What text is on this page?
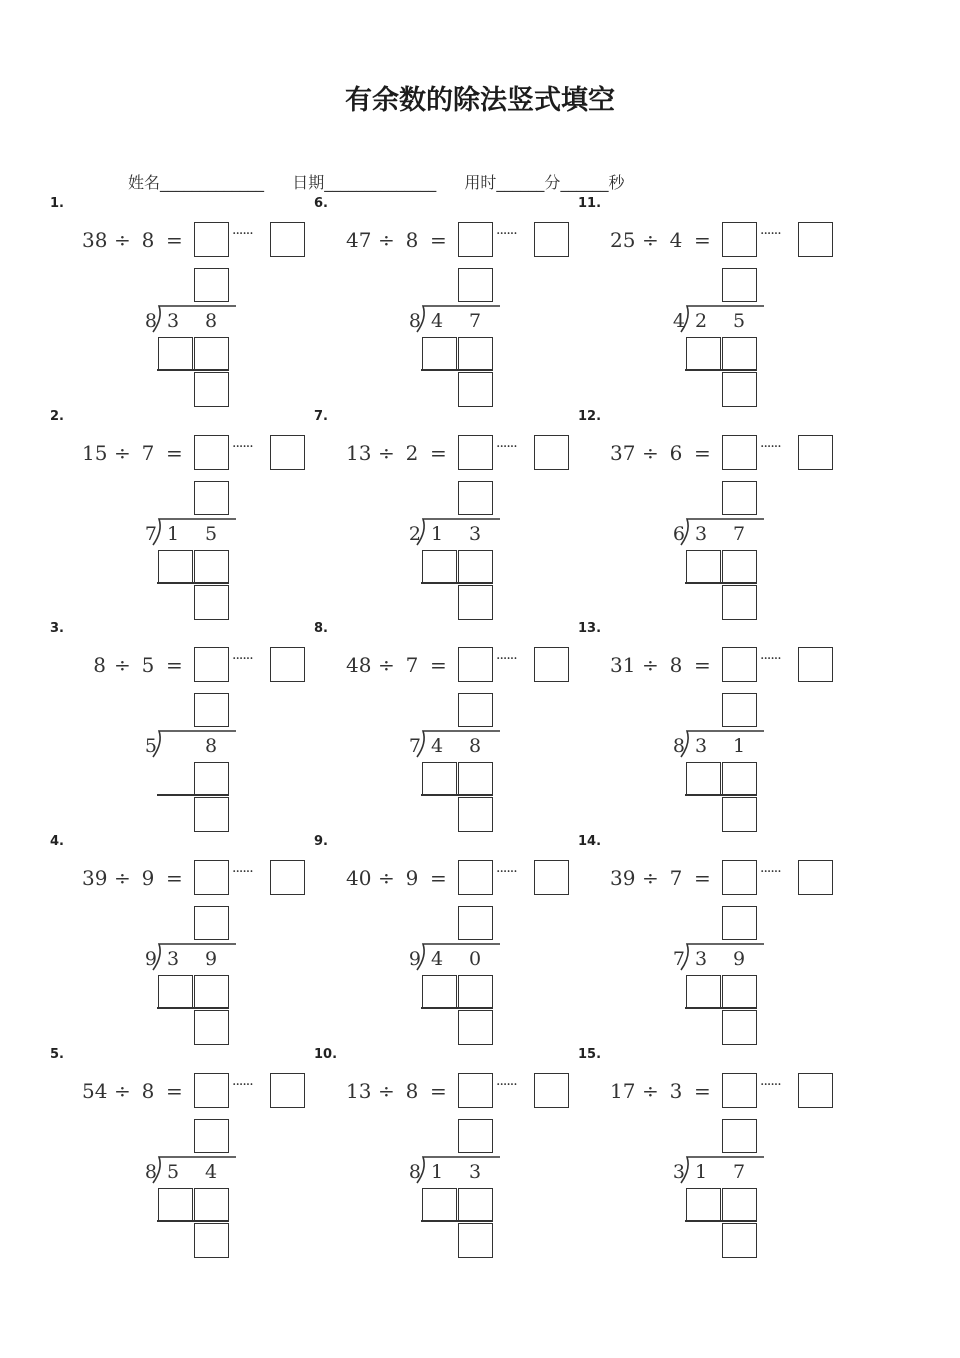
有余数的除法竖式填空
姓名_____________ 日期______________ 用时______分______秒
1.
38 ÷ 8 =	······
8 3	8
2.
15 ÷ 7 =	······
7 1	5
3.
8 ÷ 5 =	······
5	8
4.
39 ÷ 9 =	······
9 3	9
5.
54 ÷ 8 =	······
8 5	4
6.
47 ÷ 8 =	······
8 4	7
7.
13 ÷ 2 =	······
2 1	3
8.
48 ÷ 7 =	······
7 4	8
9.
40 ÷ 9 =	······
9 4	0
10.
13 ÷ 8 =	······
8 1	3
11.
25 ÷ 4 =	······
4 2	5
12.
37 ÷ 6 =	······
6 3	7
13.
31 ÷ 8 =	······
8 3	1
14.
39 ÷ 7 =	······
7 3	9
15.
17 ÷ 3 =	······
3 1	7
